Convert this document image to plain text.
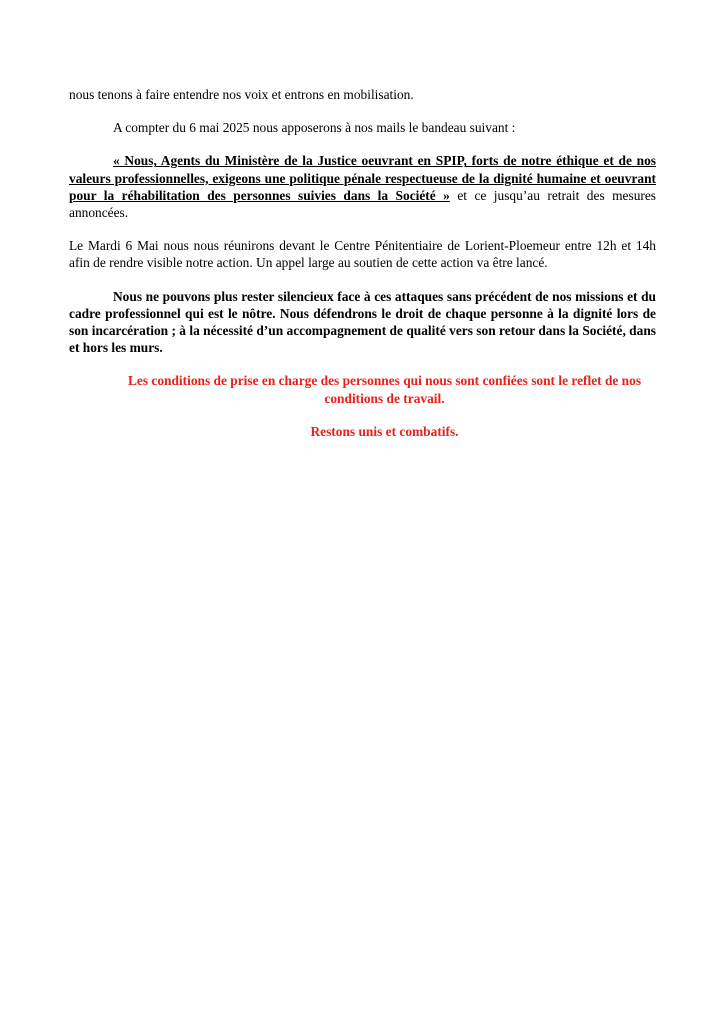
nous tenons à faire entendre nos voix et entrons en mobilisation.

A compter du 6 mai 2025 nous apposerons à nos mails le bandeau suivant :

« Nous, Agents du Ministère de la Justice oeuvrant en SPIP, forts de notre éthique et de nos valeurs professionnelles, exigeons une politique pénale respectueuse de la dignité humaine et oeuvrant pour la réhabilitation des personnes suivies dans la Société » et ce jusqu’au retrait des mesures annoncées.

Le Mardi 6 Mai nous nous réunirons devant le Centre Pénitentiaire de Lorient-Ploemeur entre 12h et 14h afin de rendre visible notre action. Un appel large au soutien de cette action va être lancé.

Nous ne pouvons plus rester silencieux face à ces attaques sans précédent de nos missions et du cadre professionnel qui est le nôtre. Nous défendrons le droit de chaque personne à la dignité lors de son incarcération ; à la nécessité d’un accompagnement de qualité vers son retour dans la Société, dans et hors les murs.

Les conditions de prise en charge des personnes qui nous sont confiées sont le reflet de nos conditions de travail.

Restons unis et combatifs.
